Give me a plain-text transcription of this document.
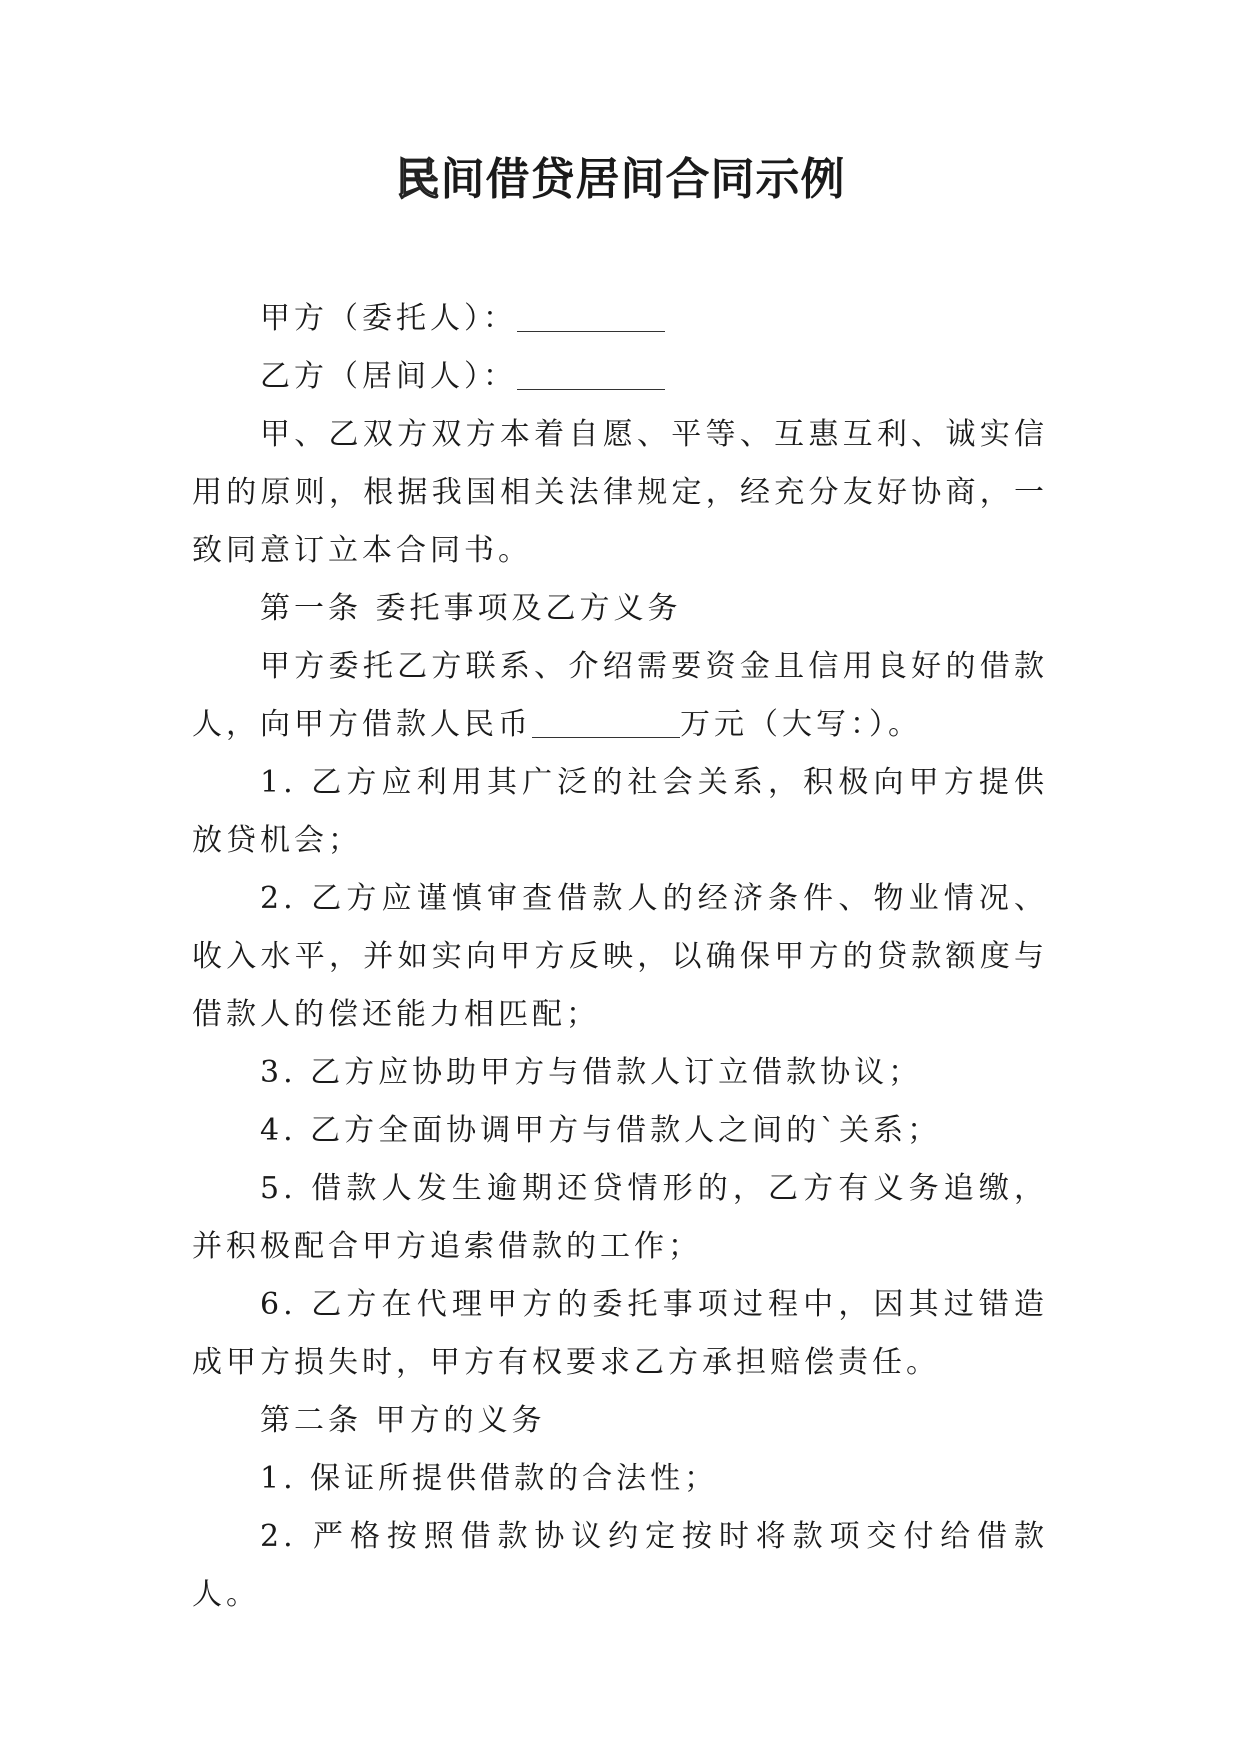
民间借贷居间合同示例

甲方（委托人）：

乙方（居间人）：

甲、乙双方双方本着自愿、平等、互惠互利、诚实信用的原则，根据我国相关法律规定，经充分友好协商，一致同意订立本合同书。

第一条 委托事项及乙方义务

甲方委托乙方联系、介绍需要资金且信用良好的借款人，向甲方借款人民币	万元（大写：）。

1. 乙方应利用其广泛的社会关系，积极向甲方提供放贷机会；

2. 乙方应谨慎审查借款人的经济条件、物业情况、收入水平，并如实向甲方反映，以确保甲方的贷款额度与借款人的偿还能力相匹配；

3. 乙方应协助甲方与借款人订立借款协议；

4. 乙方全面协调甲方与借款人之间的`关系；

5. 借款人发生逾期还贷情形的，乙方有义务追缴，并积极配合甲方追索借款的工作；

6. 乙方在代理甲方的委托事项过程中，因其过错造成甲方损失时，甲方有权要求乙方承担赔偿责任。

第二条 甲方的义务

1. 保证所提供借款的合法性；

2. 严格按照借款协议约定按时将款项交付给借款人。
